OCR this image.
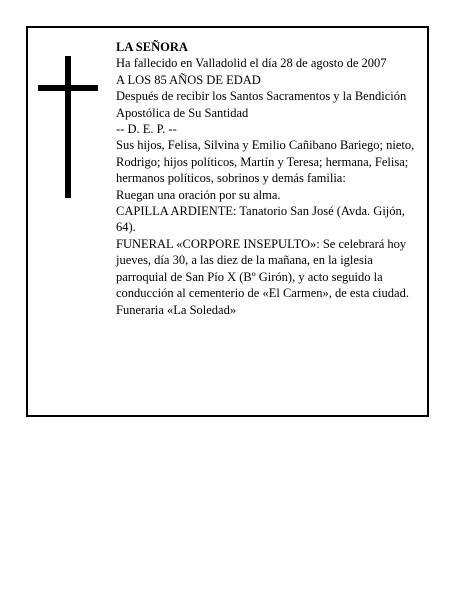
LA SEÑORA

Ha fallecido en Valladolid el día 28 de agosto de 2007

A LOS 85 AÑOS DE EDAD

Después de recibir los Santos Sacramentos y la Bendición Apostólica de Su Santidad

-- D. E. P. --

Sus hijos, Felisa, Silvina y Emilio Cañibano Bariego; nieto, Rodrigo; hijos políticos, Martín y Teresa; hermana, Felisa; hermanos políticos, sobrinos y demás familia:

Ruegan una oración por su alma.

CAPILLA ARDIENTE: Tanatorio San José (Avda. Gijón, 64).

FUNERAL «CORPORE INSEPULTO»: Se celebrará hoy jueves, día 30, a las diez de la mañana, en la iglesia parroquial de San Pío X (Bº Girón), y acto seguido la conducción al cementerio de «El Carmen», de esta ciudad.

Funeraria «La Soledad»
